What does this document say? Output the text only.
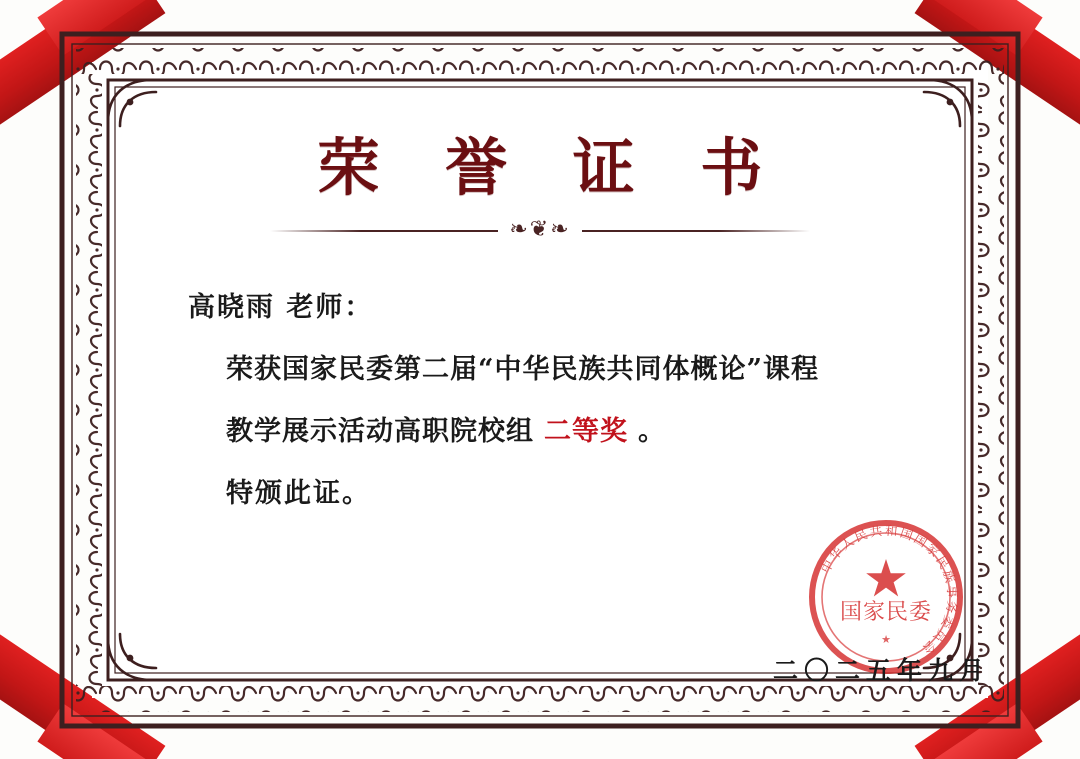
荣 誉 证 书
❧❦❧
高晓雨 老师：
荣获国家民委第二届“中华民族共同体概论”课程
教学展示活动高职院校组 二等奖 。
特颁此证。
中华人民共和国国家民族事务委员会
国家民委
★
二〇二五年九月
